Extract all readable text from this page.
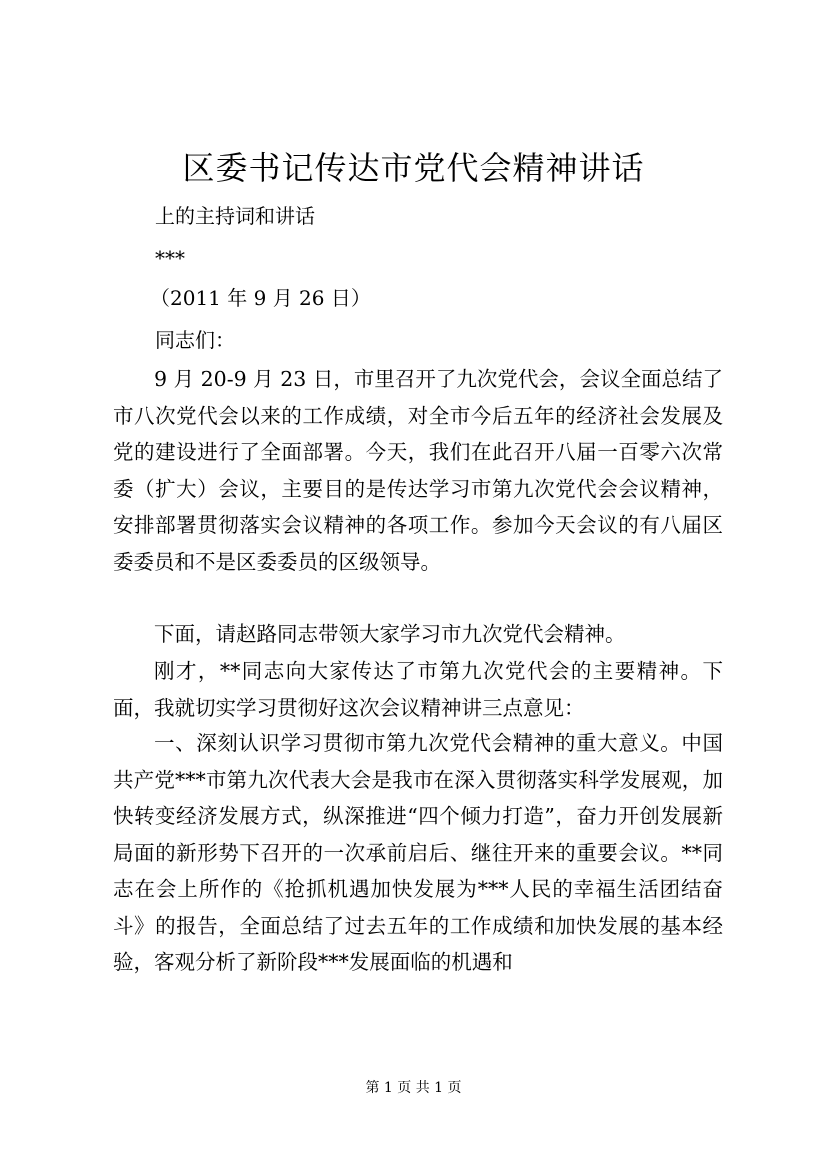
区委书记传达市党代会精神讲话
上的主持词和讲话
***
（2011 年 9 月 26 日）
同志们：
9 月 20-9 月 23 日，市里召开了九次党代会，会议全面总结了市八次党代会以来的工作成绩，对全市今后五年的经济社会发展及党的建设进行了全面部署。今天，我们在此召开八届一百零六次常委（扩大）会议，主要目的是传达学习市第九次党代会会议精神，安排部署贯彻落实会议精神的各项工作。参加今天会议的有八届区委委员和不是区委委员的区级领导。
下面，请赵路同志带领大家学习市九次党代会精神。
刚才，**同志向大家传达了市第九次党代会的主要精神。下面，我就切实学习贯彻好这次会议精神讲三点意见：
一、深刻认识学习贯彻市第九次党代会精神的重大意义。中国共产党***市第九次代表大会是我市在深入贯彻落实科学发展观，加快转变经济发展方式，纵深推进“四个倾力打造”，奋力开创发展新局面的新形势下召开的一次承前启后、继往开来的重要会议。**同志在会上所作的《抢抓机遇加快发展为***人民的幸福生活团结奋斗》的报告，全面总结了过去五年的工作成绩和加快发展的基本经验，客观分析了新阶段***发展面临的机遇和
第 1 页 共 1 页
